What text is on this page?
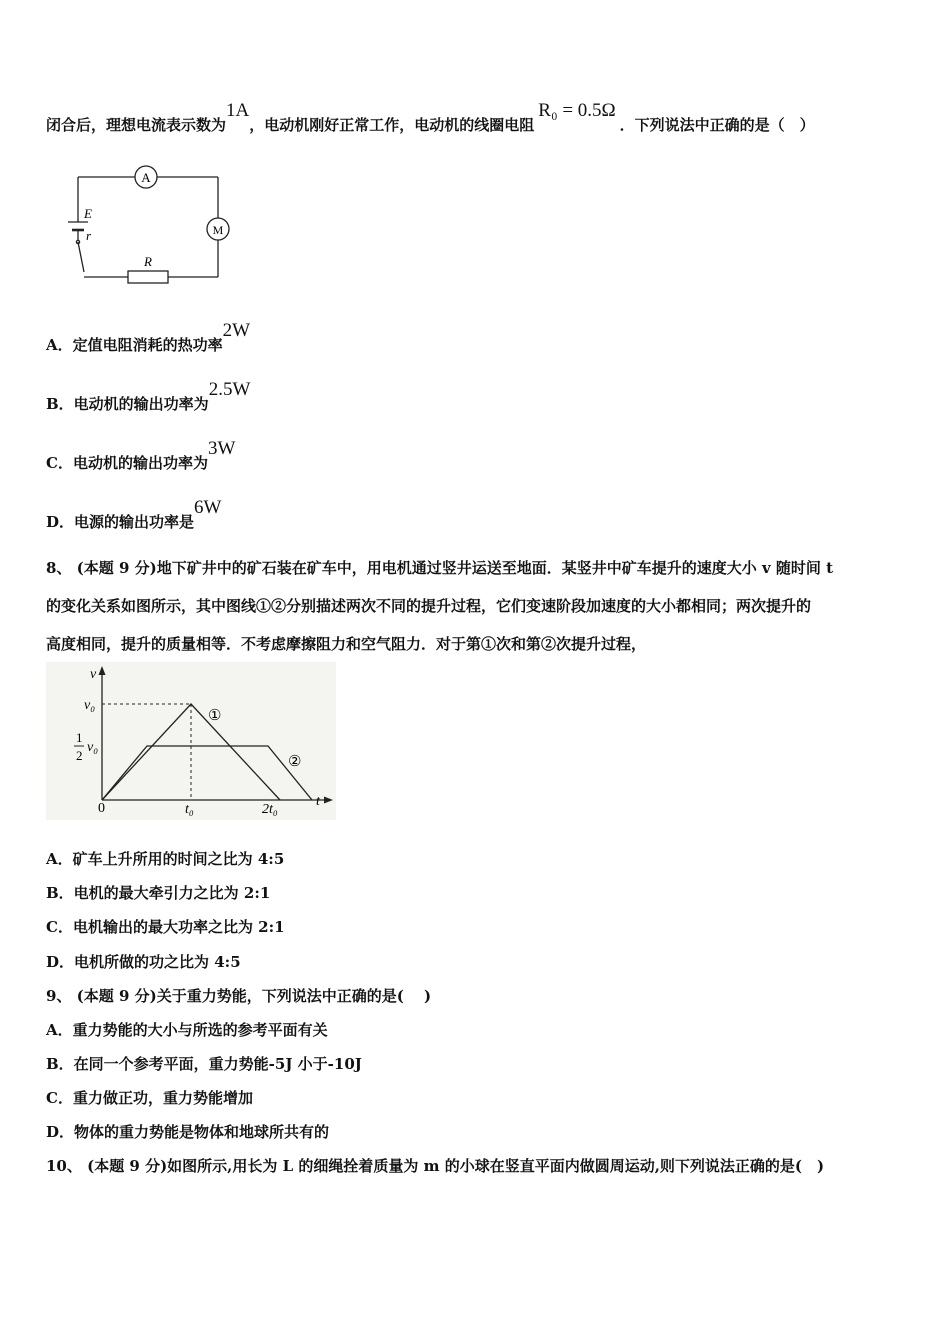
闭合后，理想电流表示数为1A，电动机刚好正常工作，电动机的线圈电阻R₀ = 0.5Ω．下列说法中正确的是（　）
A
M
E
r
R
A．定值电阻消耗的热功率2W
B．电动机的输出功率为2.5W
C．电动机的输出功率为3W
D．电源的输出功率是6W
8、 (本题 9 分)地下矿井中的矿石装在矿车中，用电机通过竖井运送至地面．某竖井中矿车提升的速度大小 v 随时间 t
的变化关系如图所示，其中图线①②分别描述两次不同的提升过程，它们变速阶段加速度的大小都相同；两次提升的
高度相同，提升的质量相等．不考虑摩擦阻力和空气阻力．对于第①次和第②次提升过程，
v
t
0
v₀
1
2
v₀
t₀	2t₀
①
②
A．矿车上升所用的时间之比为 4:5
B．电机的最大牵引力之比为 2:1
C．电机输出的最大功率之比为 2:1
D．电机所做的功之比为 4:5
9、 (本题 9 分)关于重力势能，下列说法中正确的是(　 )
A．重力势能的大小与所选的参考平面有关
B．在同一个参考平面，重力势能-5J 小于-10J
C．重力做正功，重力势能增加
D．物体的重力势能是物体和地球所共有的
10、 (本题 9 分)如图所示,用长为 L 的细绳拴着质量为 m 的小球在竖直平面内做圆周运动,则下列说法正确的是(　)
